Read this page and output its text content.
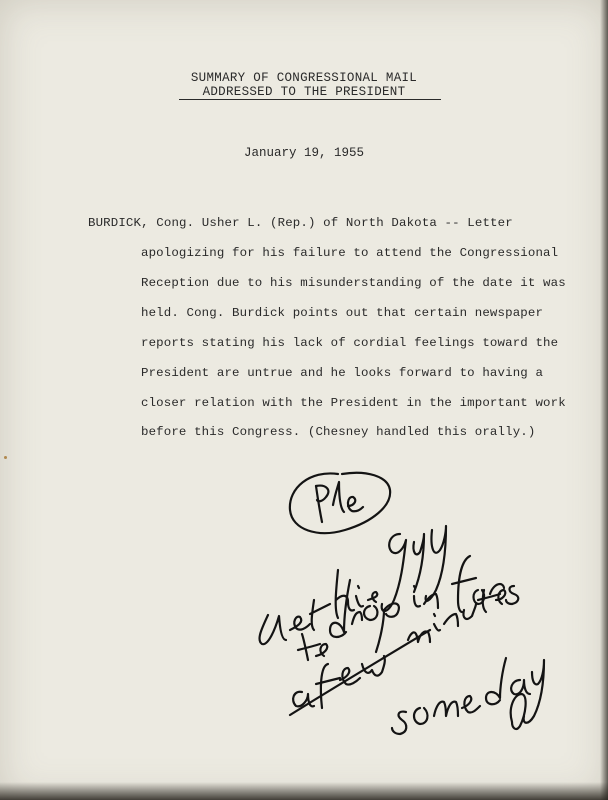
SUMMARY OF CONGRESSIONAL MAIL
ADDRESSED TO THE PRESIDENT
January 19, 1955
BURDICK, Cong. Usher L. (Rep.) of North Dakota -- Letter
apologizing for his failure to attend the Congressional
Reception due to his misunderstanding of the date it was
held. Cong. Burdick points out that certain newspaper
reports stating his lack of cordial feelings toward the
President are untrue and he looks forward to having a
closer relation with the President in the important work
before this Congress. (Chesney handled this orally.)
